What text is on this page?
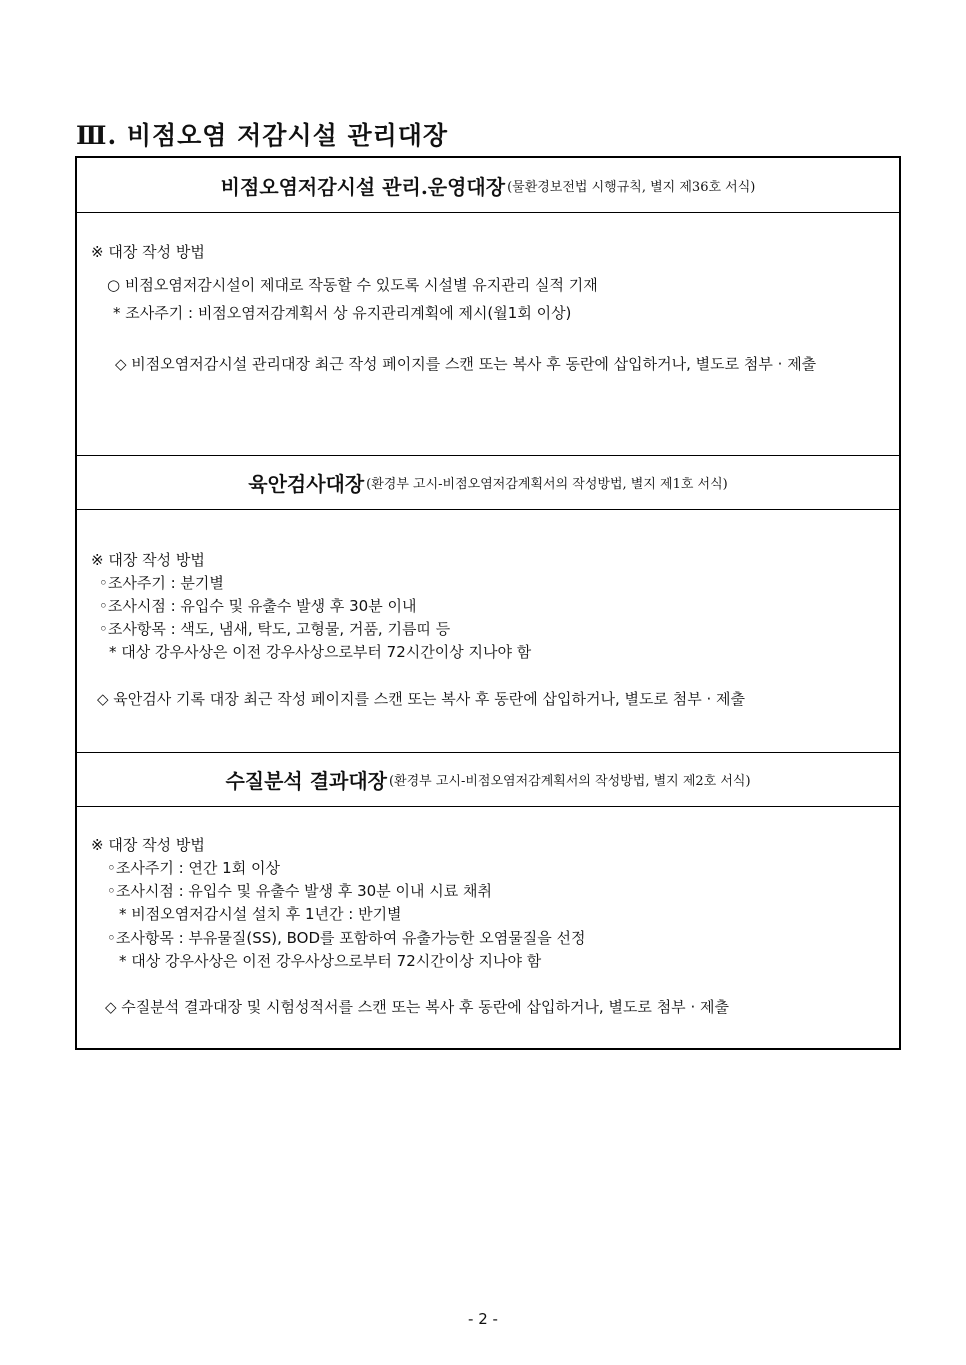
Ⅲ. 비점오염 저감시설 관리대장
비점오염저감시설 관리.운영대장 (물환경보전법 시행규칙, 별지 제36호 서식)
※ 대장 작성 방법
○ 비점오염저감시설이 제대로 작동할 수 있도록 시설별 유지관리 실적 기재
* 조사주기 : 비점오염저감계획서 상 유지관리계획에 제시(월1회 이상)
◇ 비점오염저감시설 관리대장 최근 작성 페이지를 스캔 또는 복사 후 동란에 삽입하거나, 별도로 첨부 · 제출
육안검사대장 (환경부 고시-비점오염저감계획서의 작성방법, 별지 제1호 서식)
※ 대장 작성 방법
◦조사주기 : 분기별
◦조사시점 : 유입수 및 유출수 발생 후 30분 이내
◦조사항목 : 색도, 냄새, 탁도, 고형물, 거품, 기름띠 등
* 대상 강우사상은 이전 강우사상으로부터 72시간이상 지나야 함
◇ 육안검사 기록 대장 최근 작성 페이지를 스캔 또는 복사 후 동란에 삽입하거나, 별도로 첨부 · 제출
수질분석 결과대장 (환경부 고시-비점오염저감계획서의 작성방법, 별지 제2호 서식)
※ 대장 작성 방법
◦조사주기 : 연간 1회 이상
◦조사시점 : 유입수 및 유출수 발생 후 30분 이내 시료 채취
* 비점오염저감시설 설치 후 1년간 : 반기별
◦조사항목 : 부유물질(SS), BOD를 포함하여 유출가능한 오염물질을 선정
* 대상 강우사상은 이전 강우사상으로부터 72시간이상 지나야 함
◇ 수질분석 결과대장 및 시험성적서를 스캔 또는 복사 후 동란에 삽입하거나, 별도로 첨부 · 제출
- 2 -
